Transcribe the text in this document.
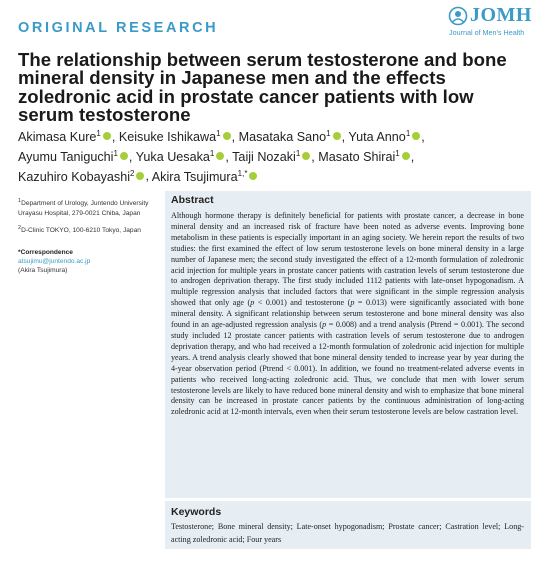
ORIGINAL RESEARCH
JOMH
Journal of Men's Health
The relationship between serum testosterone and bone mineral density in Japanese men and the effects zoledronic acid in prostate cancer patients with low serum testosterone
Akimasa Kure$^1$ , Keisuke Ishikawa$^1$ , Masataka Sano$^1$ , Yuta Anno$^1$ , Ayumu Taniguchi$^1$ , Yuka Uesaka$^1$ , Taiji Nozaki$^1$ , Masato Shirai$^1$ , Kazuhiro Kobayashi$^2$ , Akira Tsujimura$^{1,*}$

$^1$Department of Urology, Juntendo University Urayasu Hospital, 279-0021 Chiba, Japan

$^2$D-Clinic TOKYO, 100-6210 Tokyo, Japan

*Correspondence
atsujimu@juntendo.ac.jp
(Akira Tsujimura)
Abstract

Although hormone therapy is definitely beneficial for patients with prostate cancer, a decrease in bone mineral density and an increased risk of fracture have been noted as adverse events. Improving bone metabolism in these patients is especially important in an aging society. We herein report the results of two studies: the first examined the effect of low serum testosterone levels on bone mineral density in a large number of Japanese men; the second study investigated the effect of a 12-month formulation of zoledronic acid injection for multiple years in prostate cancer patients with castration levels of serum testosterone due to androgen deprivation therapy. The first study included 1112 patients with late-onset hypogonadism. A multiple regression analysis that included factors that were significant in the simple regression analysis showed that only age (p < 0.001) and testosterone (p = 0.013) were significantly associated with bone mineral density. A significant relationship between serum testosterone and bone mineral density was also found in an age-adjusted regression analysis (p = 0.008) and a trend analysis (Ptrend = 0.001). The second study included 12 prostate cancer patients with castration levels of serum testosterone due to androgen deprivation therapy, and who had received a 12-month formulation of zoledronic acid injection for multiple years. A trend analysis clearly showed that bone mineral density tended to increase year by year during the 4-year observation period (Ptrend < 0.001). In addition, we found no treatment-related adverse events in patients who received long-acting zoledronic acid. Thus, we conclude that men with lower serum testosterone levels are likely to have reduced bone mineral density and wish to emphasize that bone mineral density can be increased in prostate cancer patients by the continuous administration of long-acting zoledronic acid at 12-month intervals, even when their serum testosterone levels are below castration level.

Keywords

Testosterone; Bone mineral density; Late-onset hypogonadism; Prostate cancer; Castration level; Long-acting zoledronic acid; Four years
